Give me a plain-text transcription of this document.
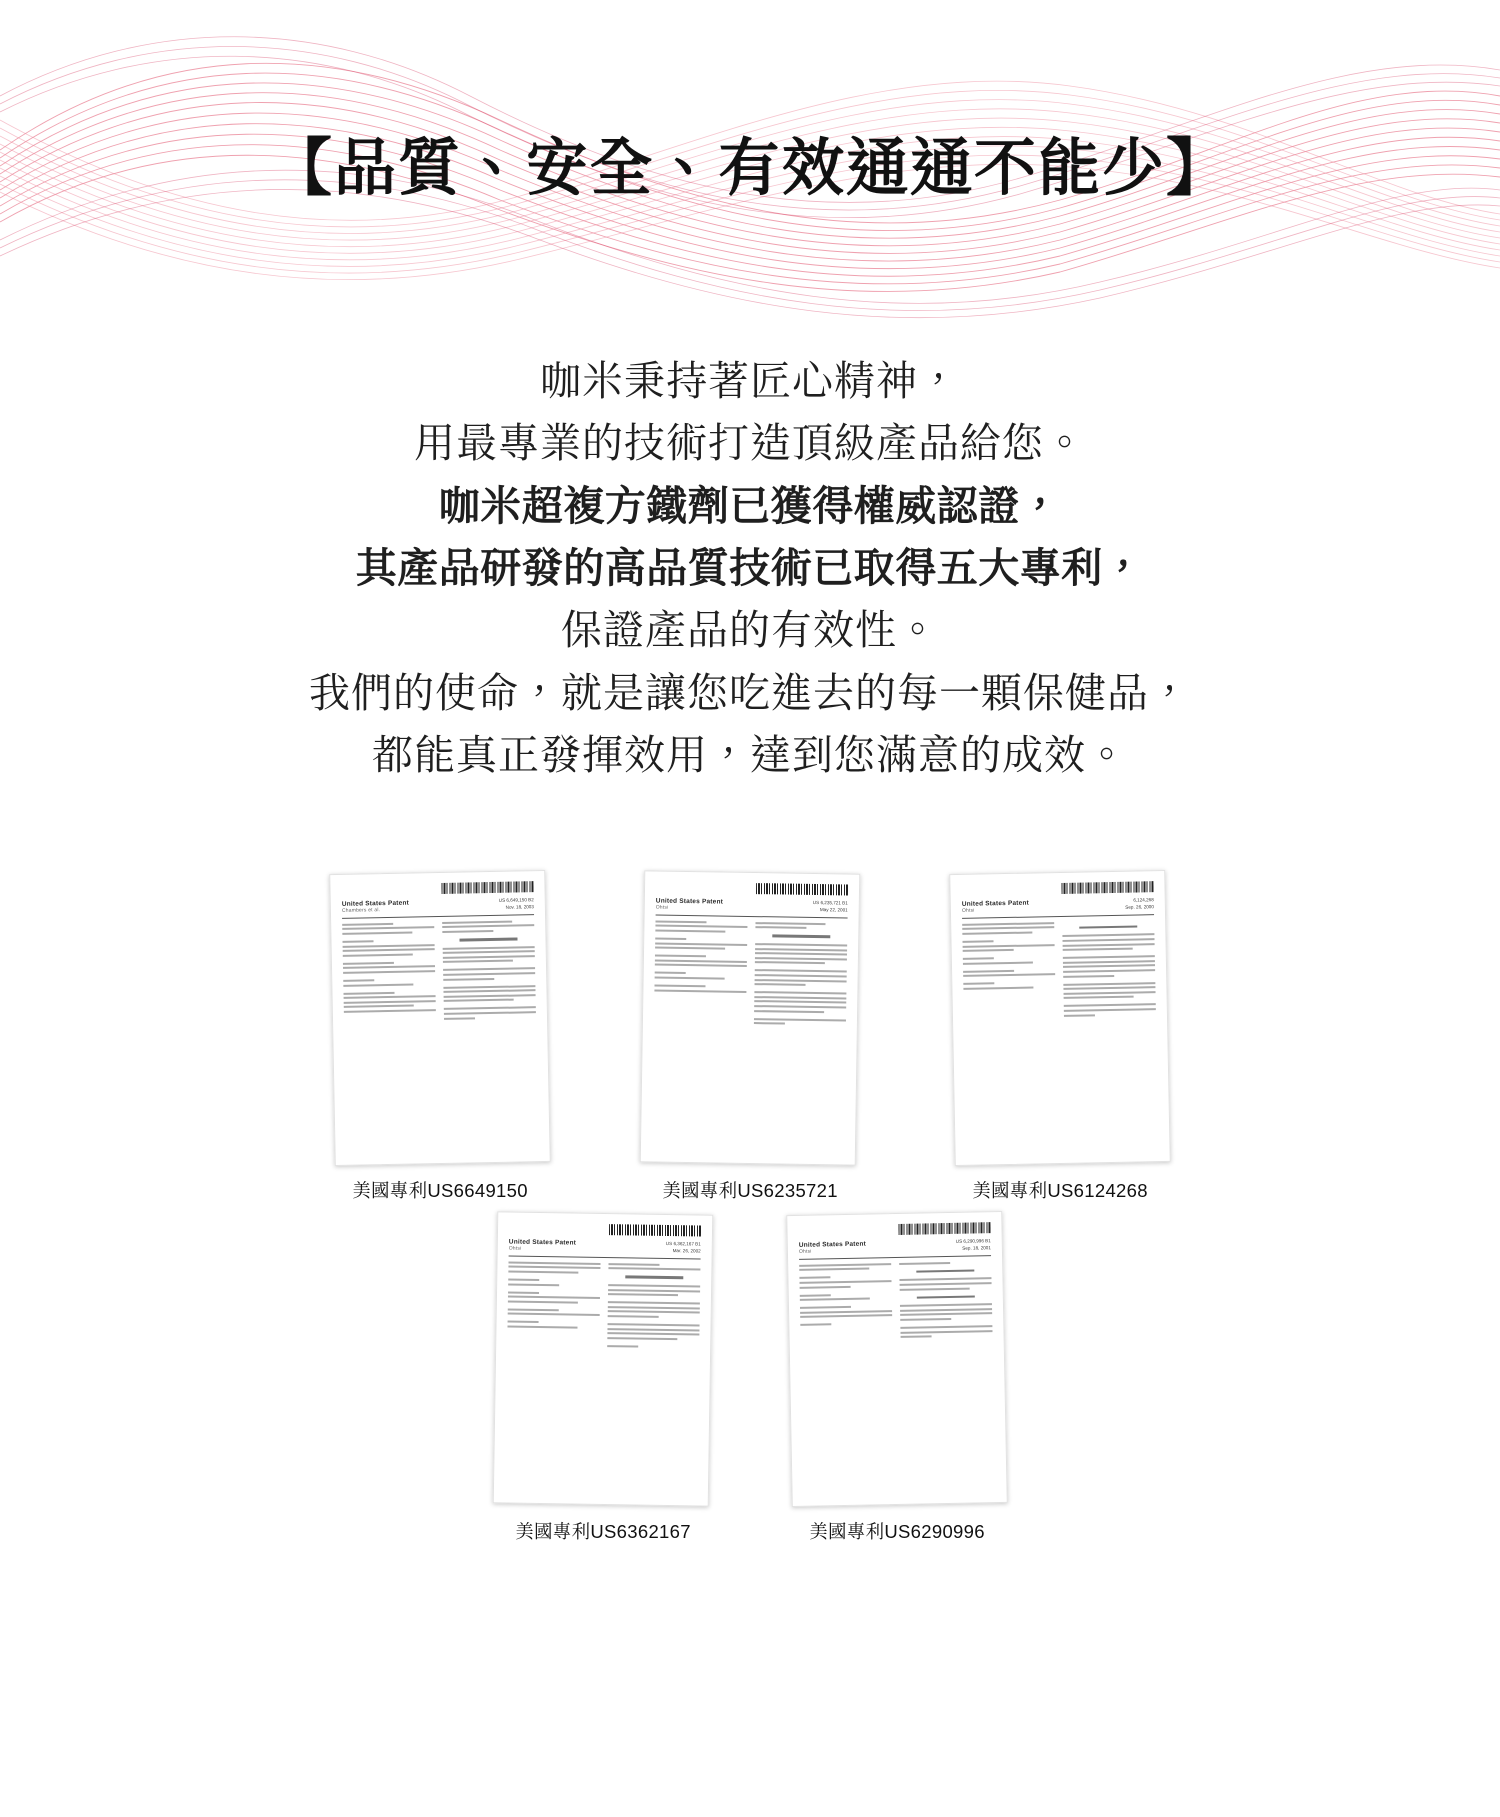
【品質、安全、有效通通不能少】
咖米秉持著匠心精神，
用最專業的技術打造頂級產品給您。
咖米超複方鐵劑已獲得權威認證，
其產品研發的高品質技術已取得五大專利，
保證產品的有效性。
我們的使命，就是讓您吃進去的每一顆保健品，
都能真正發揮效用，達到您滿意的成效。
United States Patent
Chambers et al.
US 6,649,150 B2
Nov. 18, 2003
美國專利US6649150
United States Patent
Ohtsi
US 6,235,721 B1
May 22, 2001
美國專利US6235721
United States Patent
Ohtsi
6,124,268
Sep. 26, 2000
美國專利US6124268
United States Patent
Ohtsi
US 6,362,167 B1
Mar. 26, 2002
美國專利US6362167
United States Patent
Ohtsi
US 6,290,996 B1
Sep. 18, 2001
美國專利US6290996
